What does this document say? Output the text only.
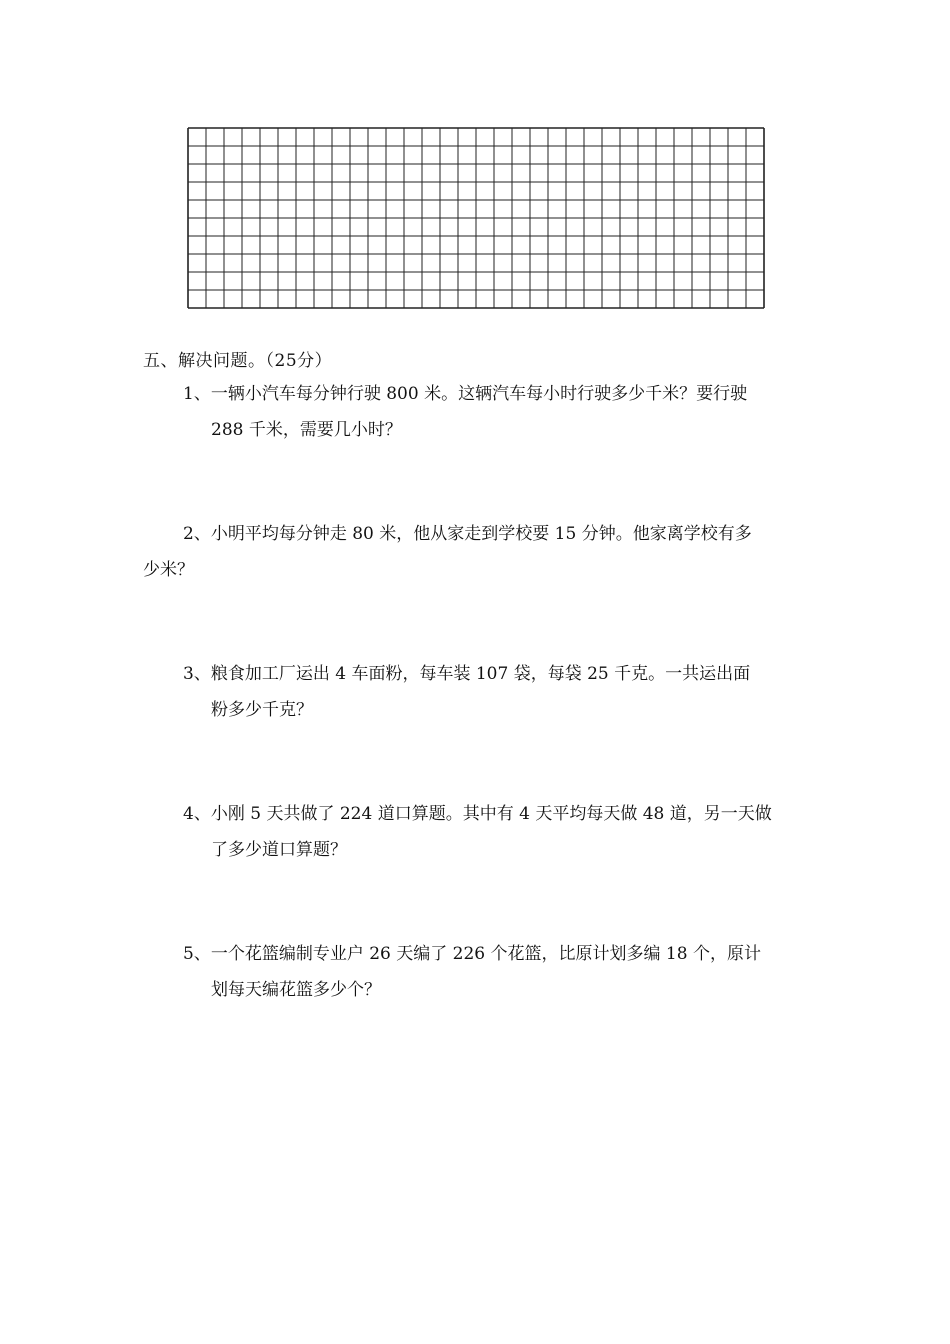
五、解决问题。（25分）
1、一辆小汽车每分钟行驶 800 米。这辆汽车每小时行驶多少千米？要行驶
288 千米，需要几小时？
2、小明平均每分钟走 80 米，他从家走到学校要 15 分钟。他家离学校有多
少米？
3、粮食加工厂运出 4 车面粉，每车装 107 袋，每袋 25 千克。一共运出面
粉多少千克？
4、小刚 5 天共做了 224 道口算题。其中有 4 天平均每天做 48 道，另一天做
了多少道口算题？
5、一个花篮编制专业户 26 天编了 226 个花篮，比原计划多编 18 个，原计
划每天编花篮多少个？
